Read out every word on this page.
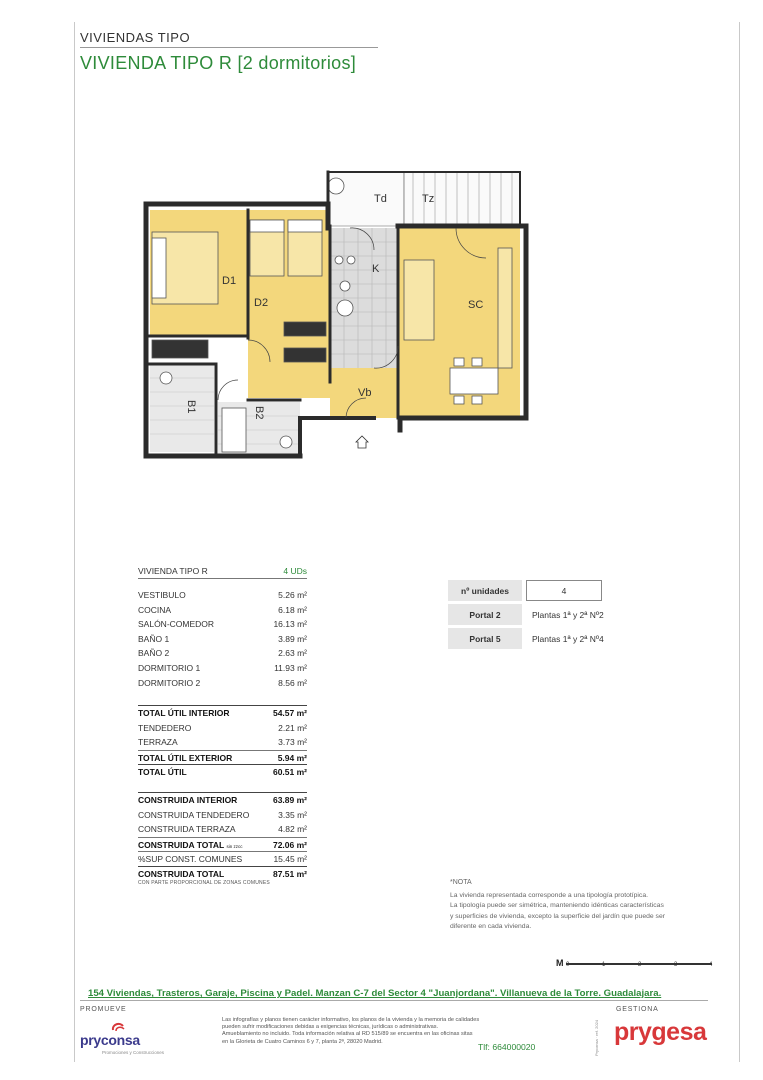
VIVIENDAS TIPO
VIVIENDA TIPO R [2 dormitorios]
D1
D2	SC
K
Vb
Td	Tz
B1	B2
VIVIENDA TIPO R	4 UDs
VESTIBULO	5.26 m²
COCINA	6.18 m²
SALÓN-COMEDOR	16.13 m²
BAÑO 1	3.89 m²
BAÑO 2	2.63 m²
DORMITORIO 1	11.93 m²
DORMITORIO 2	8.56 m²
TOTAL ÚTIL INTERIOR	54.57 m²
TENDEDERO	2.21 m²
TERRAZA	3.73 m²
TOTAL ÚTIL EXTERIOR	5.94 m²
TOTAL ÚTIL	60.51 m²
CONSTRUIDA INTERIOR	63.89 m²
CONSTRUIDA TENDEDERO	3.35 m²
CONSTRUIDA TERRAZA	4.82 m²
CONSTRUIDA TOTAL sin zzcc	72.06 m²
%SUP CONST. COMUNES	15.45 m²
CONSTRUIDA TOTAL	87.51 m²
CON PARTE PROPORCIONAL DE ZONAS COMUNES
nº unidades	4
Portal 2	Plantas 1ª y 2ª Nº2
Portal 5	Plantas 1ª y 2ª Nº4
*NOTA
La vivienda representada corresponde a una tipología prototípica.
La tipología puede ser simétrica, manteniendo idénticas características
y superficies de vivienda, excepto la superficie del jardín que puede ser
diferente en cada vivienda.
M 0	1	2	3	4
154 Viviendas, Trasteros, Garaje, Piscina y Padel. Manzan C-7 del Sector 4 "Juanjordana". Villanueva de la Torre. Guadalajara.
PROMUEVE	GESTIONA
pryconsa
Promociones y Construcciones
Las infografías y planos tienen carácter informativo, los planos de la vivienda y la memoria de calidades
pueden sufrir modificaciones debidas a exigencias técnicas, jurídicas o administrativas.
Amueblamiento no incluido. Toda información relativa al RD 515/89 se encuentra en las oficinas sitas
en la Glorieta de Cuatro Caminos 6 y 7, planta 2ª, 28020 Madrid.
Tlf: 664000020	Pryconsa · ref. 2024 prygesa
